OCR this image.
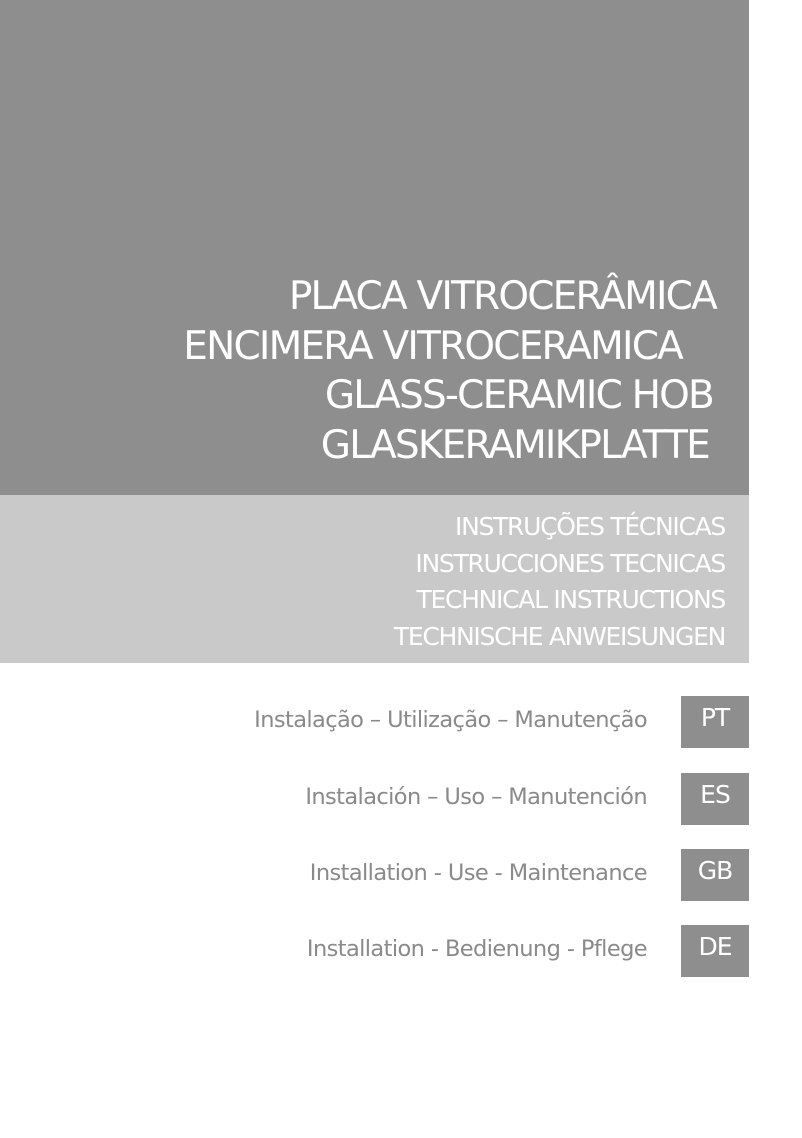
PLACA VITROCERÂMICA
ENCIMERA VITROCERAMICA
GLASS-CERAMIC HOB
GLASKERAMIKPLATTE
INSTRUÇÕES TÉCNICAS
INSTRUCCIONES TECNICAS
TECHNICAL INSTRUCTIONS
TECHNISCHE ANWEISUNGEN
Instalação – Utilização – Manutenção	PT
Instalación – Uso – Manutención	ES
Installation - Use - Maintenance	GB
Installation - Bedienung - Pflege	DE
